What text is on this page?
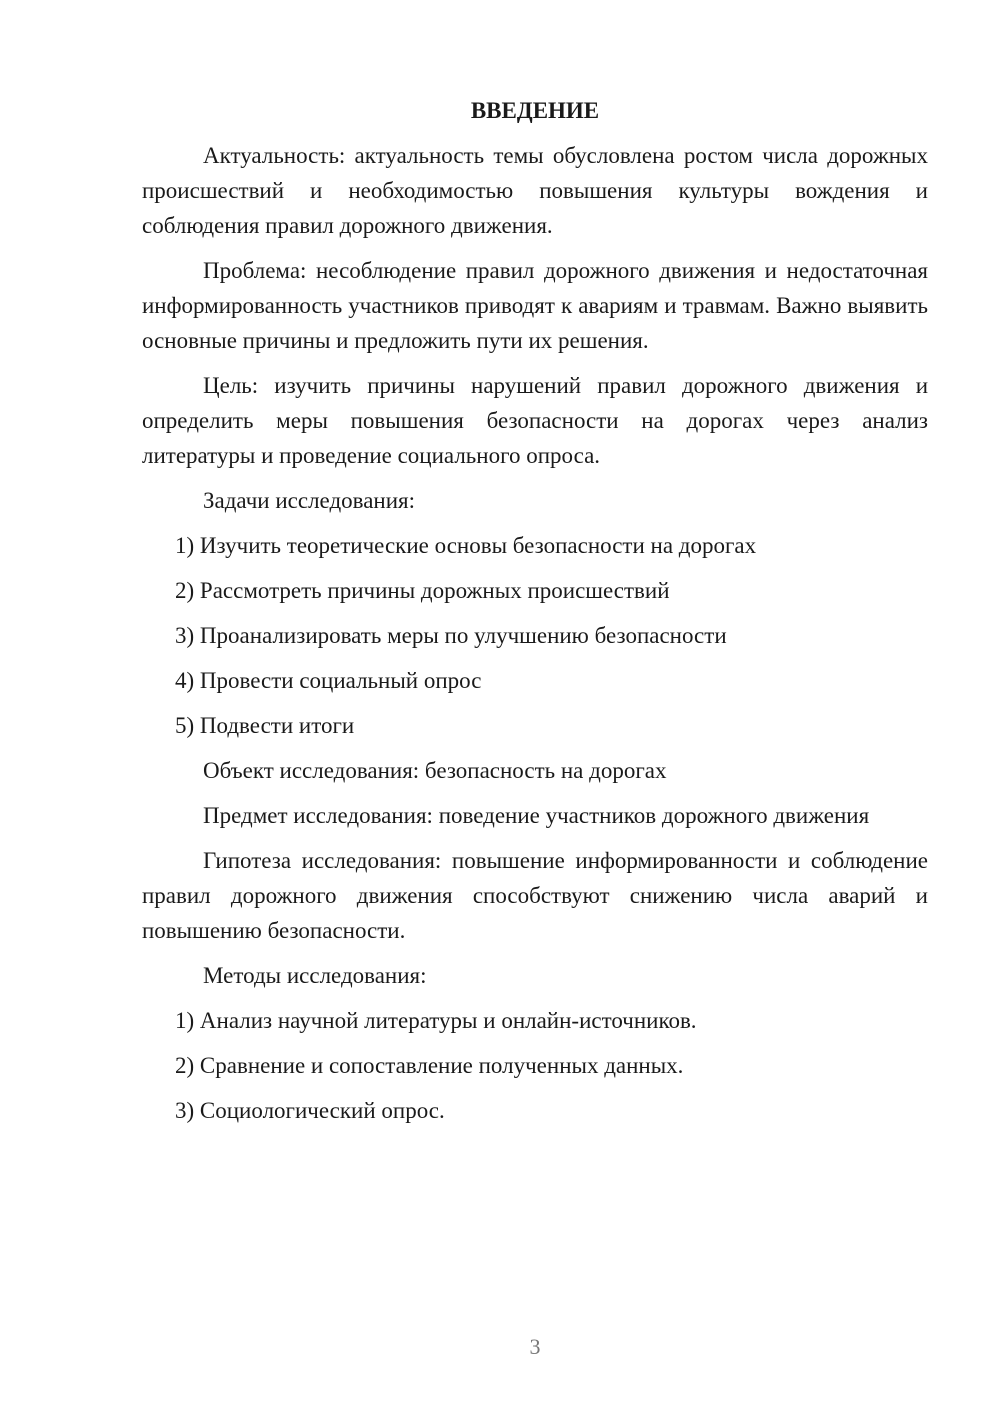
ВВЕДЕНИЕ

Актуальность: актуальность темы обусловлена ростом числа дорожных происшествий и необходимостью повышения культуры вождения и соблюдения правил дорожного движения.

Проблема: несоблюдение правил дорожного движения и недостаточная информированность участников приводят к авариям и травмам. Важно выявить основные причины и предложить пути их решения.

Цель: изучить причины нарушений правил дорожного движения и определить меры повышения безопасности на дорогах через анализ литературы и проведение социального опроса.

Задачи исследования:
1) Изучить теоретические основы безопасности на дорогах
2) Рассмотреть причины дорожных происшествий
3) Проанализировать меры по улучшению безопасности
4) Провести социальный опрос
5) Подвести итоги
Объект исследования: безопасность на дорогах
Предмет исследования: поведение участников дорожного движения

Гипотеза исследования: повышение информированности и соблюдение правил дорожного движения способствуют снижению числа аварий и повышению безопасности.

Методы исследования:
1) Анализ научной литературы и онлайн-источников.
2) Сравнение и сопоставление полученных данных.
3) Социологический опрос.
3
